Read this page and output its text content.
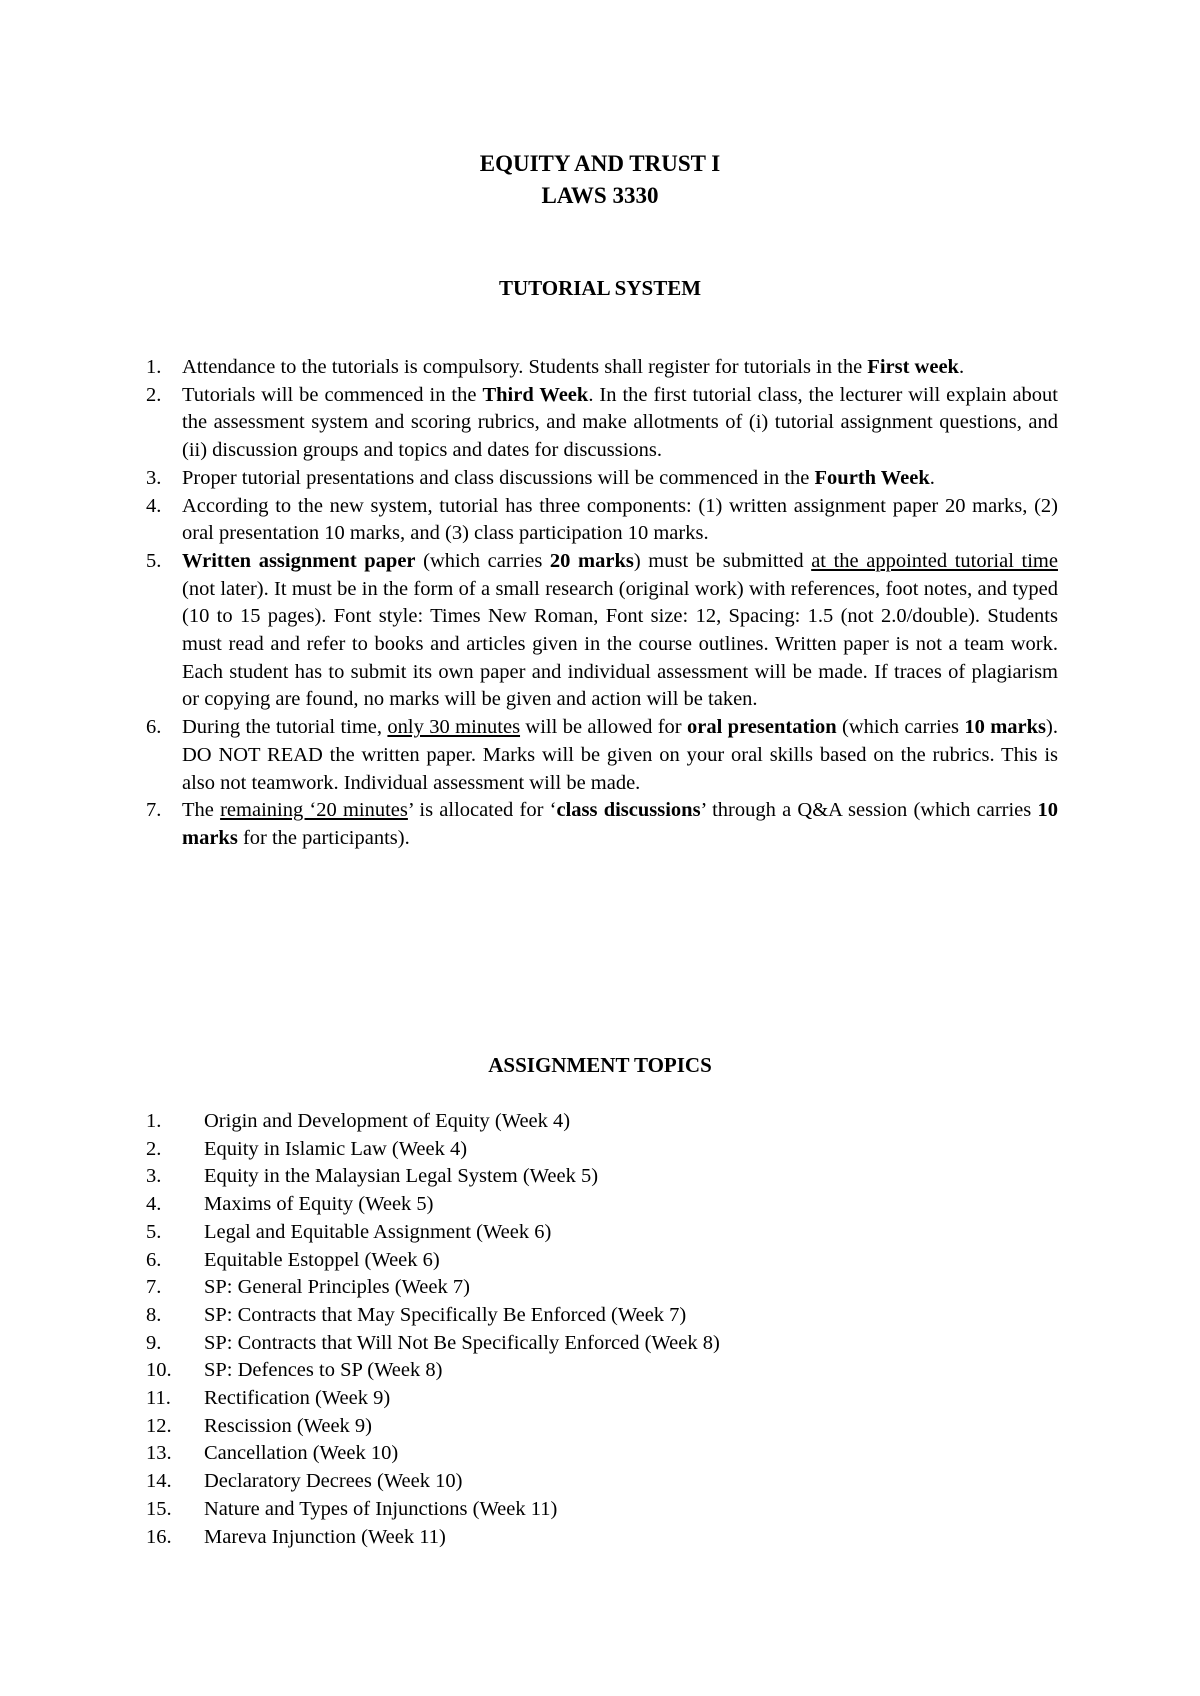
EQUITY AND TRUST I
LAWS 3330
TUTORIAL SYSTEM
1. Attendance to the tutorials is compulsory. Students shall register for tutorials in the First week.
2. Tutorials will be commenced in the Third Week. In the first tutorial class, the lecturer will explain about the assessment system and scoring rubrics, and make allotments of (i) tutorial assignment questions, and (ii) discussion groups and topics and dates for discussions.
3. Proper tutorial presentations and class discussions will be commenced in the Fourth Week.
4. According to the new system, tutorial has three components: (1) written assignment paper 20 marks, (2) oral presentation 10 marks, and (3) class participation 10 marks.
5. Written assignment paper (which carries 20 marks) must be submitted at the appointed tutorial time (not later). It must be in the form of a small research (original work) with references, foot notes, and typed (10 to 15 pages). Font style: Times New Roman, Font size: 12, Spacing: 1.5 (not 2.0/double). Students must read and refer to books and articles given in the course outlines. Written paper is not a team work. Each student has to submit its own paper and individual assessment will be made. If traces of plagiarism or copying are found, no marks will be given and action will be taken.
6. During the tutorial time, only 30 minutes will be allowed for oral presentation (which carries 10 marks). DO NOT READ the written paper. Marks will be given on your oral skills based on the rubrics. This is also not teamwork. Individual assessment will be made.
7. The remaining ‘20 minutes’ is allocated for ‘class discussions’ through a Q&A session (which carries 10 marks for the participants).
ASSIGNMENT TOPICS
1. Origin and Development of Equity (Week 4)
2. Equity in Islamic Law (Week 4)
3. Equity in the Malaysian Legal System (Week 5)
4. Maxims of Equity (Week 5)
5. Legal and Equitable Assignment (Week 6)
6. Equitable Estoppel (Week 6)
7. SP: General Principles (Week 7)
8. SP: Contracts that May Specifically Be Enforced (Week 7)
9. SP: Contracts that Will Not Be Specifically Enforced (Week 8)
10. SP: Defences to SP (Week 8)
11. Rectification (Week 9)
12. Rescission (Week 9)
13. Cancellation (Week 10)
14. Declaratory Decrees (Week 10)
15. Nature and Types of Injunctions (Week 11)
16. Mareva Injunction (Week 11)
